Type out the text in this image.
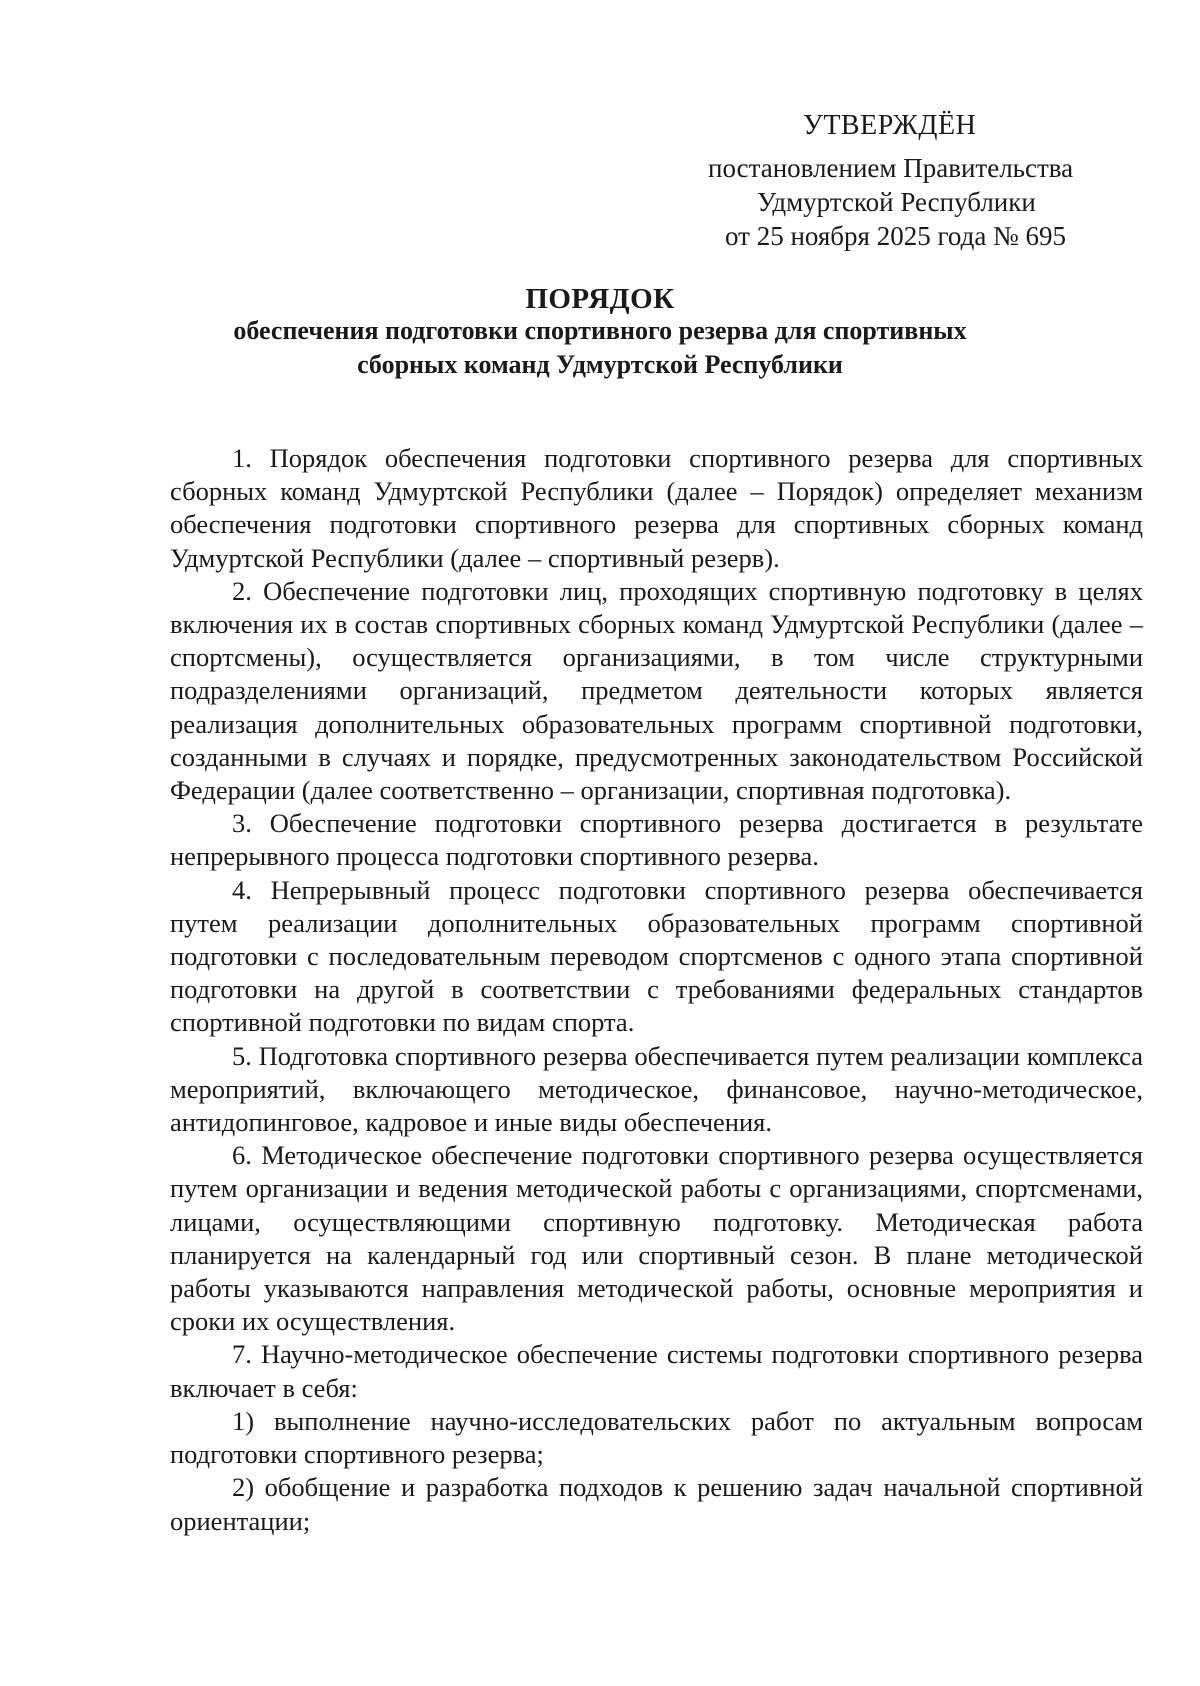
УТВЕРЖДЁН
постановлением Правительства
Удмуртской Республики
от 25 ноября 2025 года № 695
ПОРЯДОК
обеспечения подготовки спортивного резерва для спортивных сборных команд Удмуртской Республики

1. Порядок обеспечения подготовки спортивного резерва для спортивных сборных команд Удмуртской Республики (далее – Порядок) определяет механизм обеспечения подготовки спортивного резерва для спортивных сборных команд Удмуртской Республики (далее – спортивный резерв).

2. Обеспечение подготовки лиц, проходящих спортивную подготовку в целях включения их в состав спортивных сборных команд Удмуртской Республики (далее – спортсмены), осуществляется организациями, в том числе структурными подразделениями организаций, предметом деятельности которых является реализация дополнительных образовательных программ спортивной подготовки, созданными в случаях и порядке, предусмотренных законодательством Российской Федерации (далее соответственно – организации, спортивная подготовка).

3. Обеспечение подготовки спортивного резерва достигается в результате непрерывного процесса подготовки спортивного резерва.

4. Непрерывный процесс подготовки спортивного резерва обеспечивается путем реализации дополнительных образовательных программ спортивной подготовки с последовательным переводом спортсменов с одного этапа спортивной подготовки на другой в соответствии с требованиями федеральных стандартов спортивной подготовки по видам спорта.

5. Подготовка спортивного резерва обеспечивается путем реализации комплекса мероприятий, включающего методическое, финансовое, научно-методическое, антидопинговое, кадровое и иные виды обеспечения.

6. Методическое обеспечение подготовки спортивного резерва осуществляется путем организации и ведения методической работы с организациями, спортсменами, лицами, осуществляющими спортивную подготовку. Методическая работа планируется на календарный год или спортивный сезон. В плане методической работы указываются направления методической работы, основные мероприятия и сроки их осуществления.

7. Научно-методическое обеспечение системы подготовки спортивного резерва включает в себя:

1) выполнение научно-исследовательских работ по актуальным вопросам подготовки спортивного резерва;

2) обобщение и разработка подходов к решению задач начальной спортивной ориентации;
